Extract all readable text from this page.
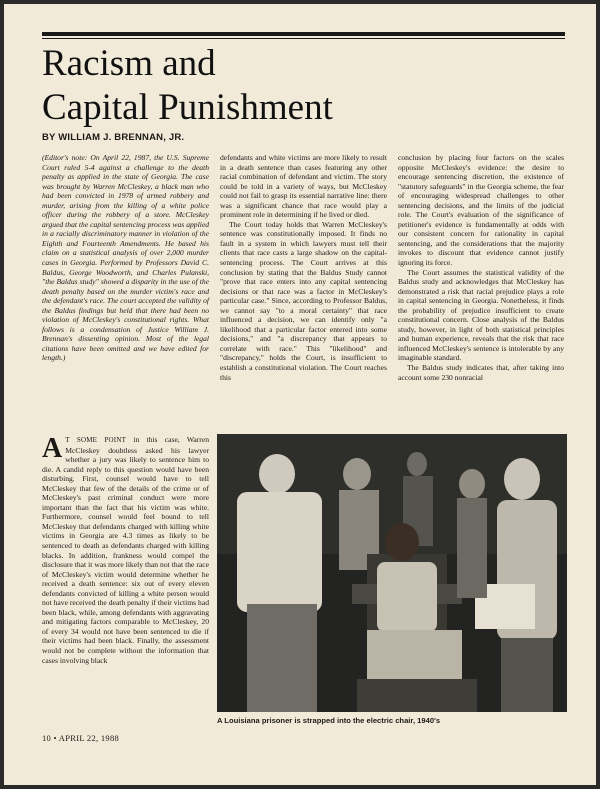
Racism and
Capital Punishment
BY WILLIAM J. BRENNAN, JR.

(Editor's note: On April 22, 1987, the U.S. Supreme Court ruled 5-4 against a challenge to the death penalty as applied in the state of Georgia. The case was brought by Warren McCleskey, a black man who had been convicted in 1978 of armed robbery and murder, arising from the killing of a white police officer during the robbery of a store. McCleskey argued that the capital sentencing process was applied in a racially discriminatory manner in violation of the Eighth and Fourteenth Amendments. He based his claim on a statistical analysis of over 2,000 murder cases in Georgia. Performed by Professors David C. Baldus, George Woodworth, and Charles Pulanski, "the Baldus study" showed a disparity in the use of the death penalty based on the murder victim's race and the defendant's race. The court accepted the validity of the Baldus findings but held that there had been no violation of McCleskey's constitutional rights. What follows is a condensation of Justice William J. Brennan's dissenting opinion. Most of the legal citations have been omitted and we have edited for length.)

A T SOME POINT in this case, Warren McCleskey doubtless asked his lawyer whether a jury was likely to sentence him to die. A candid reply to this question would have been disturbing. First, counsel would have to tell McCleskey that few of the details of the crime or of McCleskey's past criminal conduct were more important than the fact that his victim was white. Furthermore, counsel would feel bound to tell McCleskey that defendants charged with killing white victims in Georgia are 4.3 times as likely to be sentenced to death as defendants charged with killing blacks. In addition, frankness would compel the disclosure that it was more likely than not that the race of McCleskey's victim would determine whether he received a death sentence: six out of every eleven defendants convicted of killing a white person would not have received the death penalty if their victims had been black, while, among defendants with aggravating and mitigating factors comparable to McCleskey, 20 of every 34 would not have been sentenced to die if their victims had been black. Finally, the assessment would not be complete without the information that cases involving black

defendants and white victims are more likely to result in a death sentence than cases featuring any other racial combination of defendant and victim. The story could be told in a variety of ways, but McCleskey could not fail to grasp its essential narrative line: there was a significant chance that race would play a prominent role in determining if he lived or died.

The Court today holds that Warren McCleskey's sentence was constitutionally imposed. It finds no fault in a system in which lawyers must tell their clients that race casts a large shadow on the capital-sentencing process. The Court arrives at this conclusion by stating that the Baldus Study cannot "prove that race enters into any capital sentencing decisions or that race was a factor in McCleskey's particular case." Since, according to Professor Baldus, we cannot say "to a moral certainty" that race influenced a decision, we can identify only "a likelihood that a particular factor entered into some decisions," and "a discrepancy that appears to correlate with race." This "likelihood" and "discrepancy," holds the Court, is insufficient to establish a constitutional violation. The Court reaches this

conclusion by placing four factors on the scales opposite McCleskey's evidence: the desire to encourage sentencing discretion, the existence of "statutory safeguards" in the Georgia scheme, the fear of encouraging widespread challenges to other sentencing decisions, and the limits of the judicial role. The Court's evaluation of the significance of petitioner's evidence is fundamentally at odds with our consistent concern for rationality in capital sentencing, and the considerations that the majority invokes to discount that evidence cannot justify ignoring its force.

The Court assumes the statistical validity of the Baldus study and acknowledges that McCleskey has demonstrated a risk that racial prejudice plays a role in capital sentencing in Georgia. Nonetheless, it finds the probability of prejudice insufficient to create constitutional concern. Close analysis of the Baldus study, however, in light of both statistical principles and human experience, reveals that the risk that race influenced McCleskey's sentence is intolerable by any imaginable standard.

The Baldus study indicates that, after taking into account some 230 nonracial

A Louisiana prisoner is strapped into the electric chair, 1940's
10 • APRIL 22, 1988
